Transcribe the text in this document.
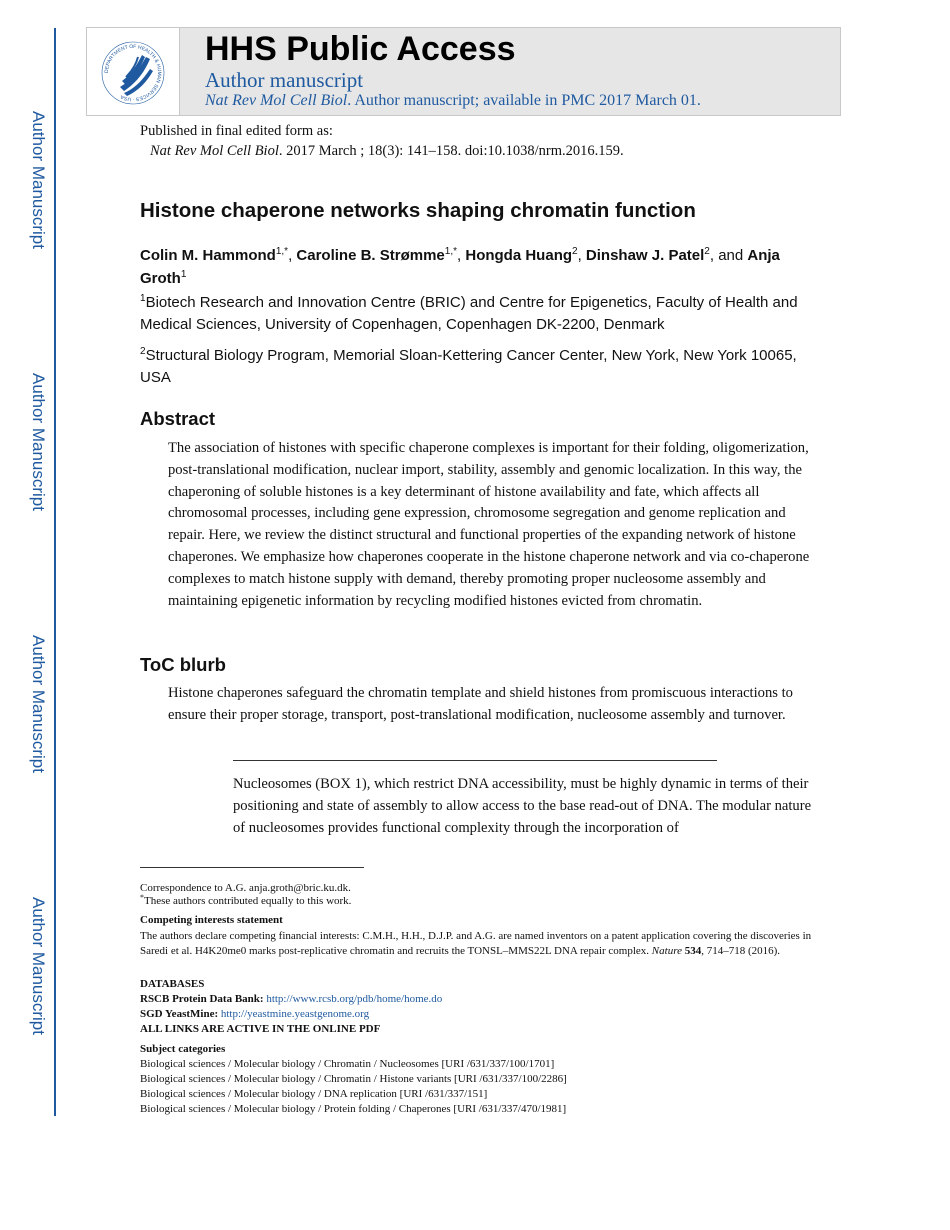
Author Manuscript
Author Manuscript
Author Manuscript
Author Manuscript
DEPARTMENT OF HEALTH & HUMAN SERVICES · USA
HHS Public Access
Author manuscript
Nat Rev Mol Cell Biol. Author manuscript; available in PMC 2017 March 01.
Published in final edited form as:
Nat Rev Mol Cell Biol. 2017 March ; 18(3): 141–158. doi:10.1038/nrm.2016.159.
Histone chaperone networks shaping chromatin function
Colin M. Hammond$^{1,*}$, Caroline B. Strømme$^{1,*}$, Hongda Huang$^2$, Dinshaw J. Patel$^2$, and Anja Groth$^1$
$^1$Biotech Research and Innovation Centre (BRIC) and Centre for Epigenetics, Faculty of Health and Medical Sciences, University of Copenhagen, Copenhagen DK-2200, Denmark
$^2$Structural Biology Program, Memorial Sloan-Kettering Cancer Center, New York, New York 10065, USA
Abstract
The association of histones with specific chaperone complexes is important for their folding, oligomerization, post-translational modification, nuclear import, stability, assembly and genomic localization. In this way, the chaperoning of soluble histones is a key determinant of histone availability and fate, which affects all chromosomal processes, including gene expression, chromosome segregation and genome replication and repair. Here, we review the distinct structural and functional properties of the expanding network of histone chaperones. We emphasize how chaperones cooperate in the histone chaperone network and via co-chaperone complexes to match histone supply with demand, thereby promoting proper nucleosome assembly and maintaining epigenetic information by recycling modified histones evicted from chromatin.
ToC blurb
Histone chaperones safeguard the chromatin template and shield histones from promiscuous interactions to ensure their proper storage, transport, post-translational modification, nucleosome assembly and turnover.
Nucleosomes (BOX 1), which restrict DNA accessibility, must be highly dynamic in terms of their positioning and state of assembly to allow access to the base read-out of DNA. The modular nature of nucleosomes provides functional complexity through the incorporation of
Correspondence to A.G. anja.groth@bric.ku.dk.
*These authors contributed equally to this work.
Competing interests statement
The authors declare competing financial interests: C.M.H., H.H., D.J.P. and A.G. are named inventors on a patent application covering the discoveries in Saredi et al. H4K20me0 marks post-replicative chromatin and recruits the TONSL–MMS22L DNA repair complex. Nature 534, 714–718 (2016).
DATABASES
RSCB Protein Data Bank: http://www.rcsb.org/pdb/home/home.do
SGD YeastMine: http://yeastmine.yeastgenome.org
ALL LINKS ARE ACTIVE IN THE ONLINE PDF
Subject categories
Biological sciences / Molecular biology / Chromatin / Nucleosomes [URI /631/337/100/1701]
Biological sciences / Molecular biology / Chromatin / Histone variants [URI /631/337/100/2286]
Biological sciences / Molecular biology / DNA replication [URI /631/337/151]
Biological sciences / Molecular biology / Protein folding / Chaperones [URI /631/337/470/1981]
